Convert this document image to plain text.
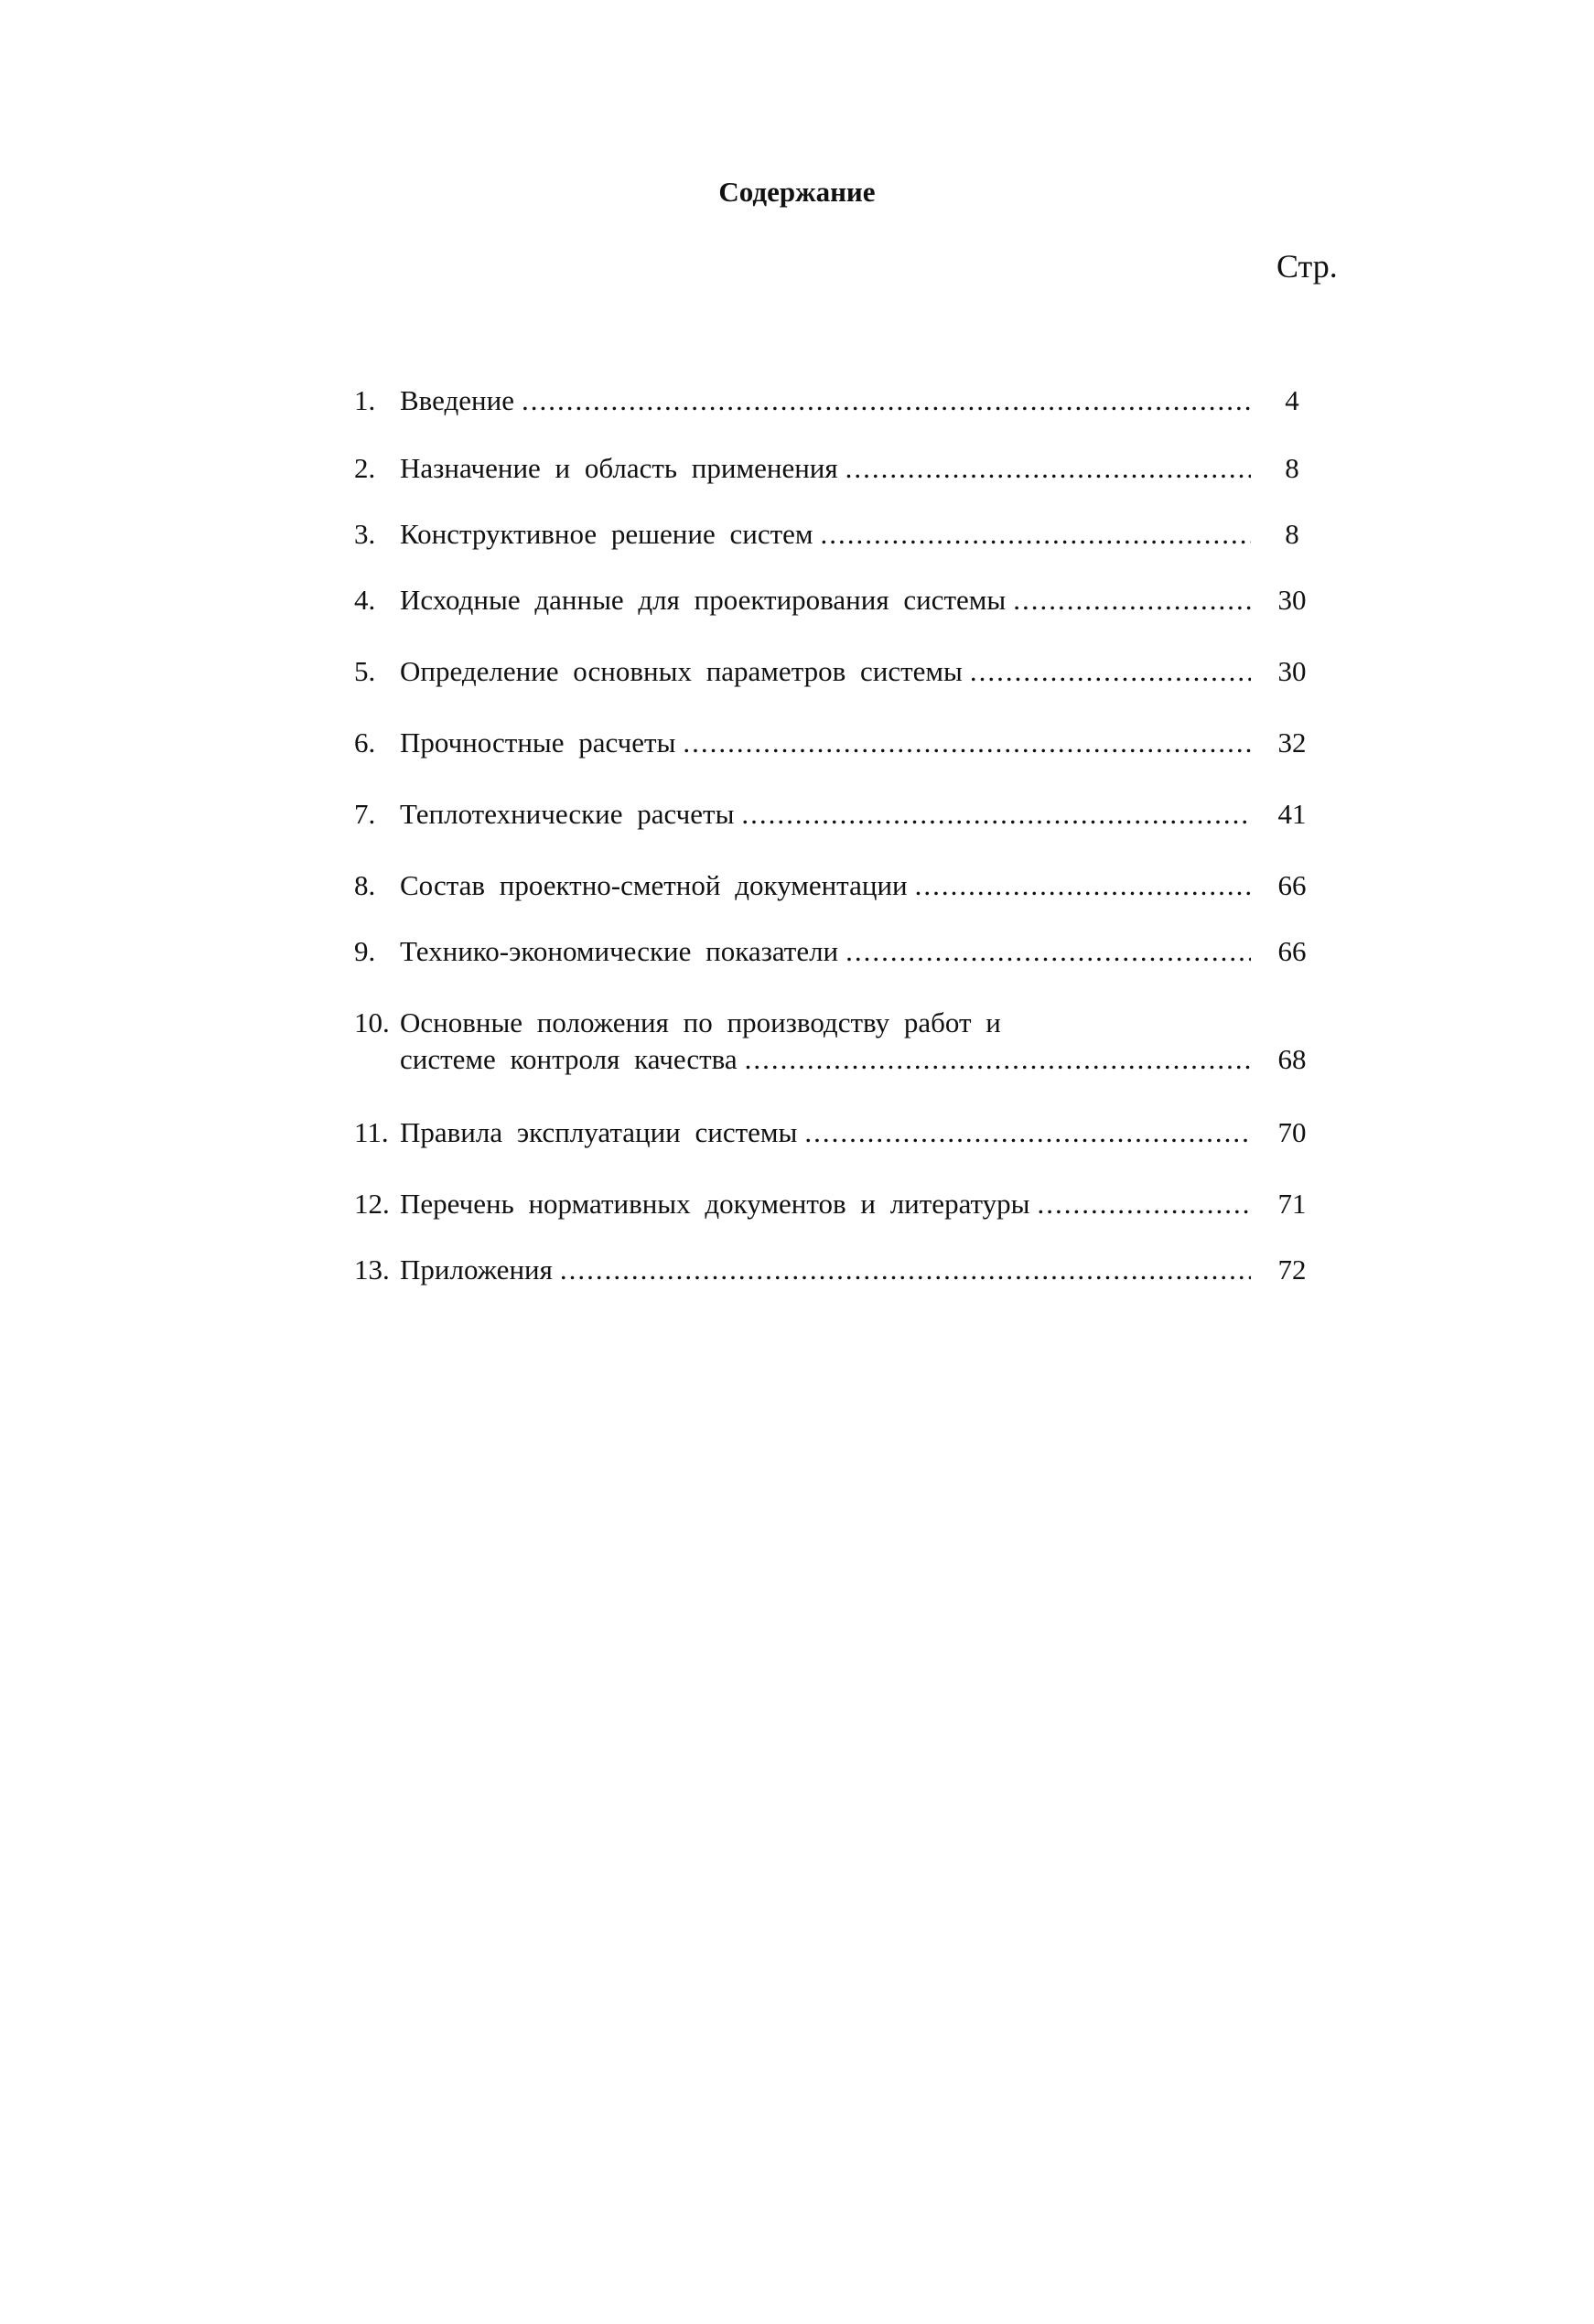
Содержание
Стр.
1. Введение .....	4
2. Назначение и область применения .....	8
3. Конструктивное решение систем .....	8
4. Исходные данные для проектирования системы .....	30
5. Определение основных параметров системы .....	30
6. Прочностные расчеты .....	32
7. Теплотехнические расчеты .....	41
8. Состав проектно-сметной документации .....	66
9. Технико-экономические показатели .....	66
10. Основные положения по производству работ и
системе контроля качества .....	68
11. Правила эксплуатации системы .....	70
12. Перечень нормативных документов и литературы .....	71
13. Приложения .....	72
